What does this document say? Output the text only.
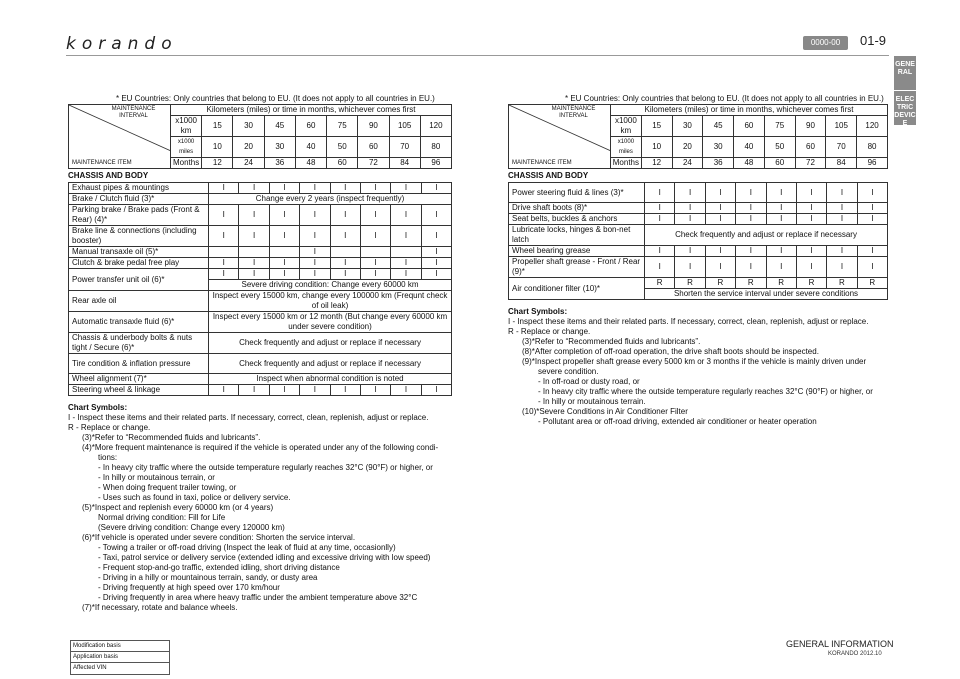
korando	0000-00	01-9
GENERAL
ELECTRIC DEVICE
* EU Countries: Only countries that belong to EU. (It does not apply to all countries in EU.)	* EU Countries: Only countries that belong to EU. (It does not apply to all countries in EU.)
MAINTENANCE INTERVAL
MAINTENANCE ITEM	Kilometers (miles) or time in months, whichever comes first								
	x1000 km	15	30	45	60	75	90	105	120
	x1000 miles	10	20	30	40	50	60	70	80
	Months	12	24	36	48	60	72	84	96
CHASSIS AND BODY
Exhaust pipes & mountings	I	I	I	I	I	I	I	I
Brake / Clutch fluid (3)*	Change every 2 years (inspect frequently)							
Parking brake / Brake pads (Front & Rear) (4)*	I	I	I	I	I	I	I	I
Brake line & connections (including booster)	I	I	I	I	I	I	I	I
Manual transaxle oil (5)*				I				I
Clutch & brake pedal free play	I	I	I	I	I	I	I	I
Power transfer unit oil (6)*	I	I	I	I	I	I	I	I
	Severe driving condition: Change every 60000 km							
Rear axle oil	Inspect every 15000 km, change every 100000 km (Frequnt check of oil leak)							
Automatic transaxle fluid (6)*	Inspect every 15000 km or 12 month (But change every 60000 km under severe condition)							
Chassis & underbody bolts & nuts tight / Secure (6)*	Check frequently and adjust or replace if necessary							
Tire condition & inflation pressure	Check frequently and adjust or replace if necessary							
Wheel alignment (7)*	Inspect when abnormal condition is noted							
Steering wheel & linkage	I	I	I	I	I	I	I	I

Chart Symbols:

I - Inspect these items and their related parts. If necessary, correct, clean, replenish, adjust or replace.

R - Replace or change.

(3)*Refer to “Recommended fluids and lubricants”.

(4)*More frequent maintenance is required if the vehicle is operated under any of the following condi-

tions:

- In heavy city traffic where the outside temperature regularly reaches 32°C (90°F) or higher, or

- In hilly or moutainous terrain, or

- When doing frequent trailer towing, or

- Uses such as found in taxi, police or delivery service.

(5)*Inspect and replenish every 60000 km (or 4 years)

Normal driving condition: Fill for Life

(Severe driving condition: Change every 120000 km)

(6)*If vehicle is operated under severe condition: Shorten the service interval.

- Towing a trailer or off-road driving (Inspect the leak of fluid at any time, occasionlly)

- Taxi, patrol service or delivery service (extended idling and excessive driving with low speed)

- Frequent stop-and-go traffic, extended idling, short driving distance

- Driving in a hilly or mountainous terrain, sandy, or dusty area

- Driving frequently at high speed over 170 km/hour

- Driving frequently in area where heavy traffic under the ambient temperature above 32°C

(7)*If necessary, rotate and balance wheels.

MAINTENANCE INTERVAL
MAINTENANCE ITEM	Kilometers (miles) or time in months, whichever comes first								
	x1000 km	15	30	45	60	75	90	105	120
	x1000 miles	10	20	30	40	50	60	70	80
	Months	12	24	36	48	60	72	84	96
CHASSIS AND BODY
Power steering fluid & lines (3)*	I	I	I	I	I	I	I	I
Drive shaft boots (8)*	I	I	I	I	I	I	I	I
Seat belts, buckles & anchors	I	I	I	I	I	I	I	I
Lubricate locks, hinges & bon-net latch	Check frequently and adjust or replace if necessary							
Wheel bearing grease	I	I	I	I	I	I	I	I
Propeller shaft grease - Front / Rear (9)*	I	I	I	I	I	I	I	I
Air conditioner filter (10)*	R	R	R	R	R	R	R	R
	Shorten the service interval under severe conditions							

Chart Symbols:

I - Inspect these items and their related parts. If necessary, correct, clean, replenish, adjust or replace.

R - Replace or change.

(3)*Refer to “Recommended fluids and lubricants”.

(8)*After completion of off-road operation, the drive shaft boots should be inspected.

(9)*Inspect propeller shaft grease every 5000 km or 3 months if the vehicle is mainly driven under

severe condition.

- In off-road or dusty road, or

- In heavy city traffic where the outside temperature regularly reaches 32°C (90°F) or higher, or

- In hilly or moutainous terrain.

(10)*Severe Conditions in Air Conditioner Filter

- Pollutant area or off-road driving, extended air conditioner or heater operation

Modification basis
Application basis
Affected VIN
GENERAL INFORMATION
KORANDO 2012.10
